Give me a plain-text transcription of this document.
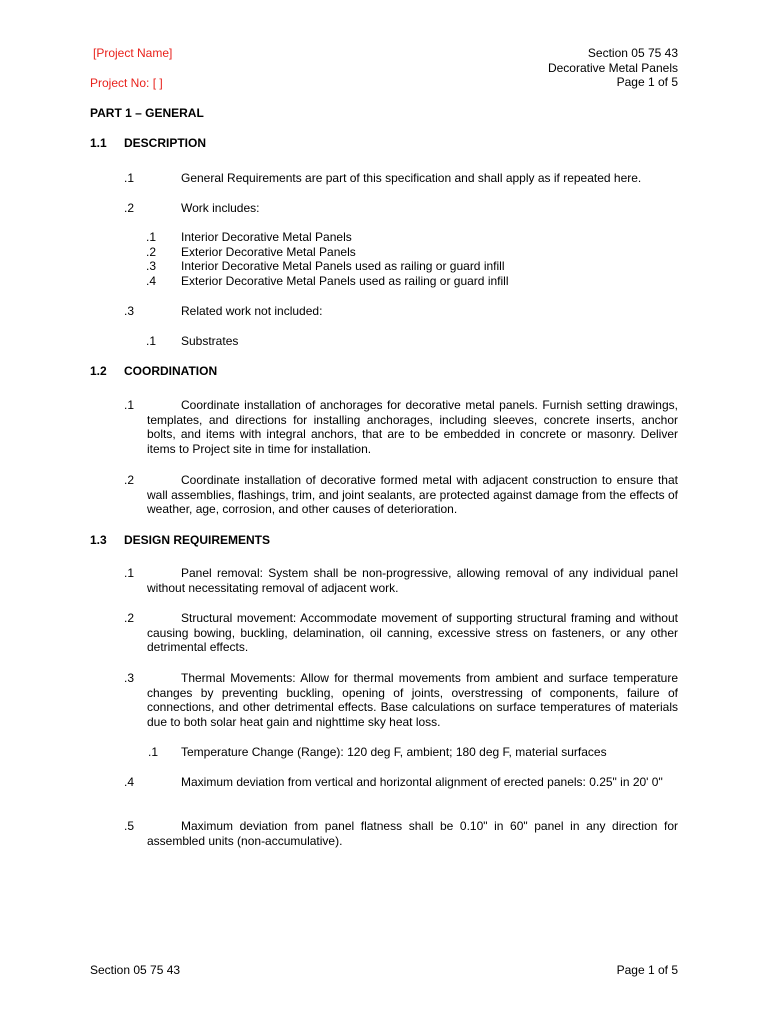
[Project Name]
Project No: [ ]
Section 05 75 43
Decorative Metal Panels
Page 1 of 5
PART 1 – GENERAL
1.1 DESCRIPTION
.1	General Requirements are part of this specification and shall apply as if repeated here.
.2	Work includes:
.1 Interior Decorative Metal Panels
.2 Exterior Decorative Metal Panels
.3 Interior Decorative Metal Panels used as railing or guard infill
.4 Exterior Decorative Metal Panels used as railing or guard infill
.3	Related work not included:
.1 Substrates
1.2 COORDINATION
.1	Coordinate installation of anchorages for decorative metal panels. Furnish setting drawings, templates, and directions for installing anchorages, including sleeves, concrete inserts, anchor bolts, and items with integral anchors, that are to be embedded in concrete or masonry. Deliver items to Project site in time for installation.
.2	Coordinate installation of decorative formed metal with adjacent construction to ensure that wall assemblies, flashings, trim, and joint sealants, are protected against damage from the effects of weather, age, corrosion, and other causes of deterioration.
1.3 DESIGN REQUIREMENTS
.1	Panel removal: System shall be non-progressive, allowing removal of any individual panel without necessitating removal of adjacent work.
.2	Structural movement: Accommodate movement of supporting structural framing and without causing bowing, buckling, delamination, oil canning, excessive stress on fasteners, or any other detrimental effects.
.3	Thermal Movements: Allow for thermal movements from ambient and surface temperature changes by preventing buckling, opening of joints, overstressing of components, failure of connections, and other detrimental effects. Base calculations on surface temperatures of materials due to both solar heat gain and nighttime sky heat loss.
.1 Temperature Change (Range): 120 deg F, ambient; 180 deg F, material surfaces
.4	Maximum deviation from vertical and horizontal alignment of erected panels: 0.25" in 20' 0"
.5	Maximum deviation from panel flatness shall be 0.10" in 60" panel in any direction for assembled units (non-accumulative).
Section 05 75 43	Page 1 of 5
